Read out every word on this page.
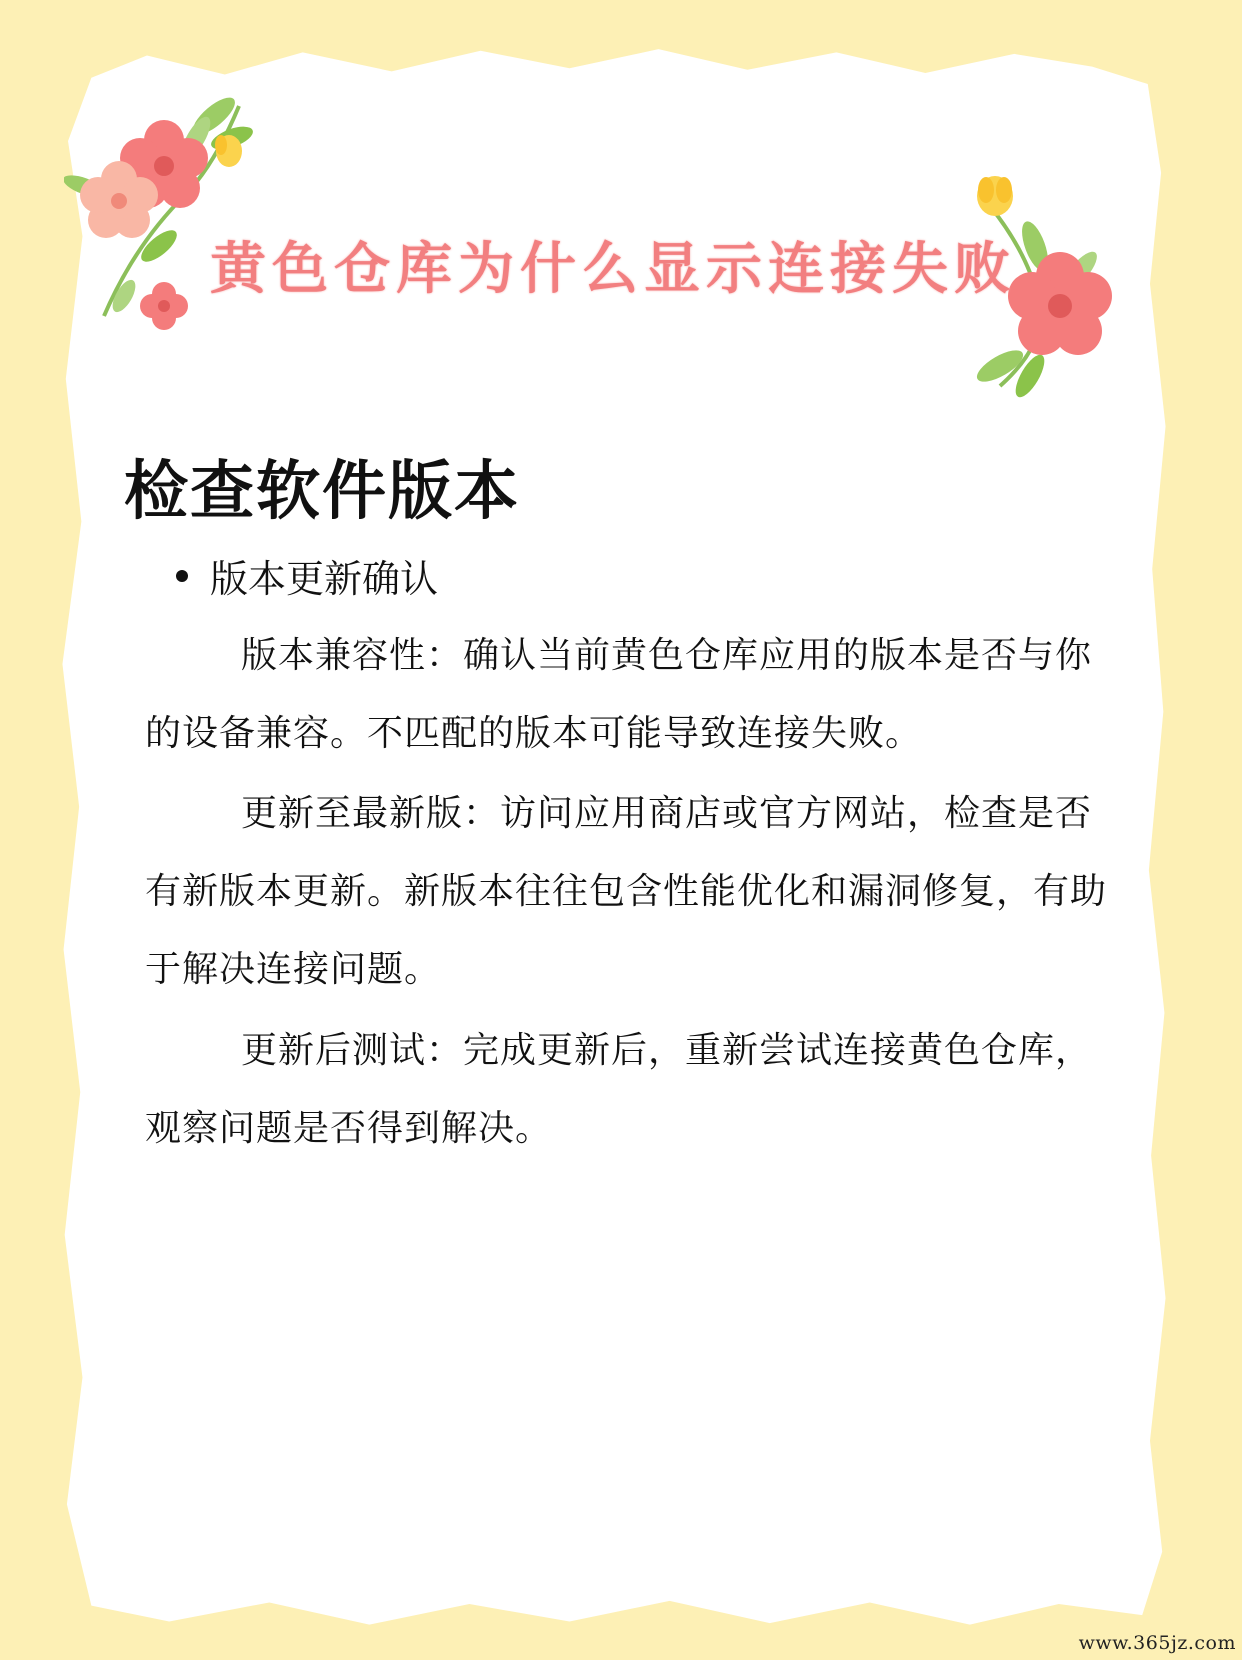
黄色仓库为什么显示连接失败
检查软件版本
版本更新确认

版本兼容性：确认当前黄色仓库应用的版本是否与你的设备兼容。不匹配的版本可能导致连接失败。

更新至最新版：访问应用商店或官方网站，检查是否有新版本更新。新版本往往包含性能优化和漏洞修复，有助于解决连接问题。

更新后测试：完成更新后，重新尝试连接黄色仓库，观察问题是否得到解决。

www.365jz.com
